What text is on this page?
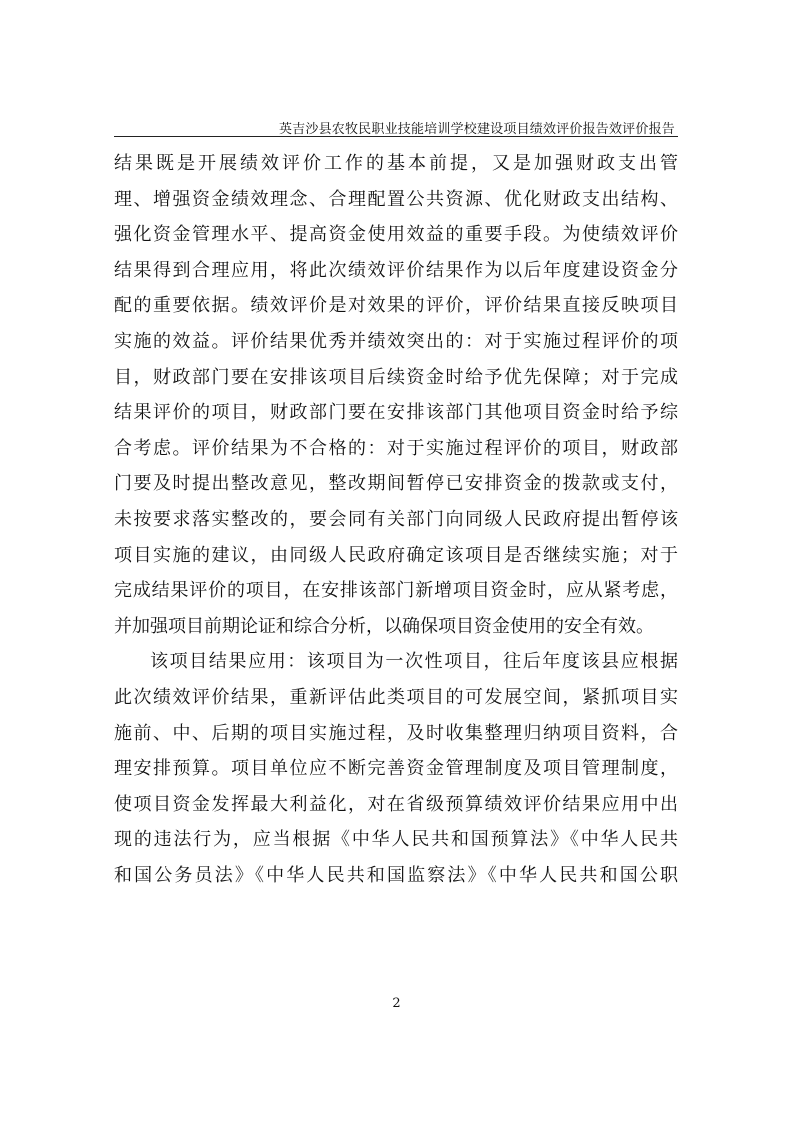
英吉沙县农牧民职业技能培训学校建设项目绩效评价报告效评价报告
结果既是开展绩效评价工作的基本前提，又是加强财政支出管
理、增强资金绩效理念、合理配置公共资源、优化财政支出结构、
强化资金管理水平、提高资金使用效益的重要手段。为使绩效评价
结果得到合理应用，将此次绩效评价结果作为以后年度建设资金分
配的重要依据。绩效评价是对效果的评价，评价结果直接反映项目
实施的效益。评价结果优秀并绩效突出的：对于实施过程评价的项
目，财政部门要在安排该项目后续资金时给予优先保障；对于完成
结果评价的项目，财政部门要在安排该部门其他项目资金时给予综
合考虑。评价结果为不合格的：对于实施过程评价的项目，财政部
门要及时提出整改意见，整改期间暂停已安排资金的拨款或支付，
未按要求落实整改的，要会同有关部门向同级人民政府提出暂停该
项目实施的建议，由同级人民政府确定该项目是否继续实施；对于
完成结果评价的项目，在安排该部门新增项目资金时，应从紧考虑，
并加强项目前期论证和综合分析，以确保项目资金使用的安全有效。
该项目结果应用：该项目为一次性项目，往后年度该县应根据
此次绩效评价结果，重新评估此类项目的可发展空间，紧抓项目实
施前、中、后期的项目实施过程，及时收集整理归纳项目资料，合
理安排预算。项目单位应不断完善资金管理制度及项目管理制度，
使项目资金发挥最大利益化，对在省级预算绩效评价结果应用中出
现的违法行为，应当根据《中华人民共和国预算法》《中华人民共
和国公务员法》《中华人民共和国监察法》《中华人民共和国公职
2
